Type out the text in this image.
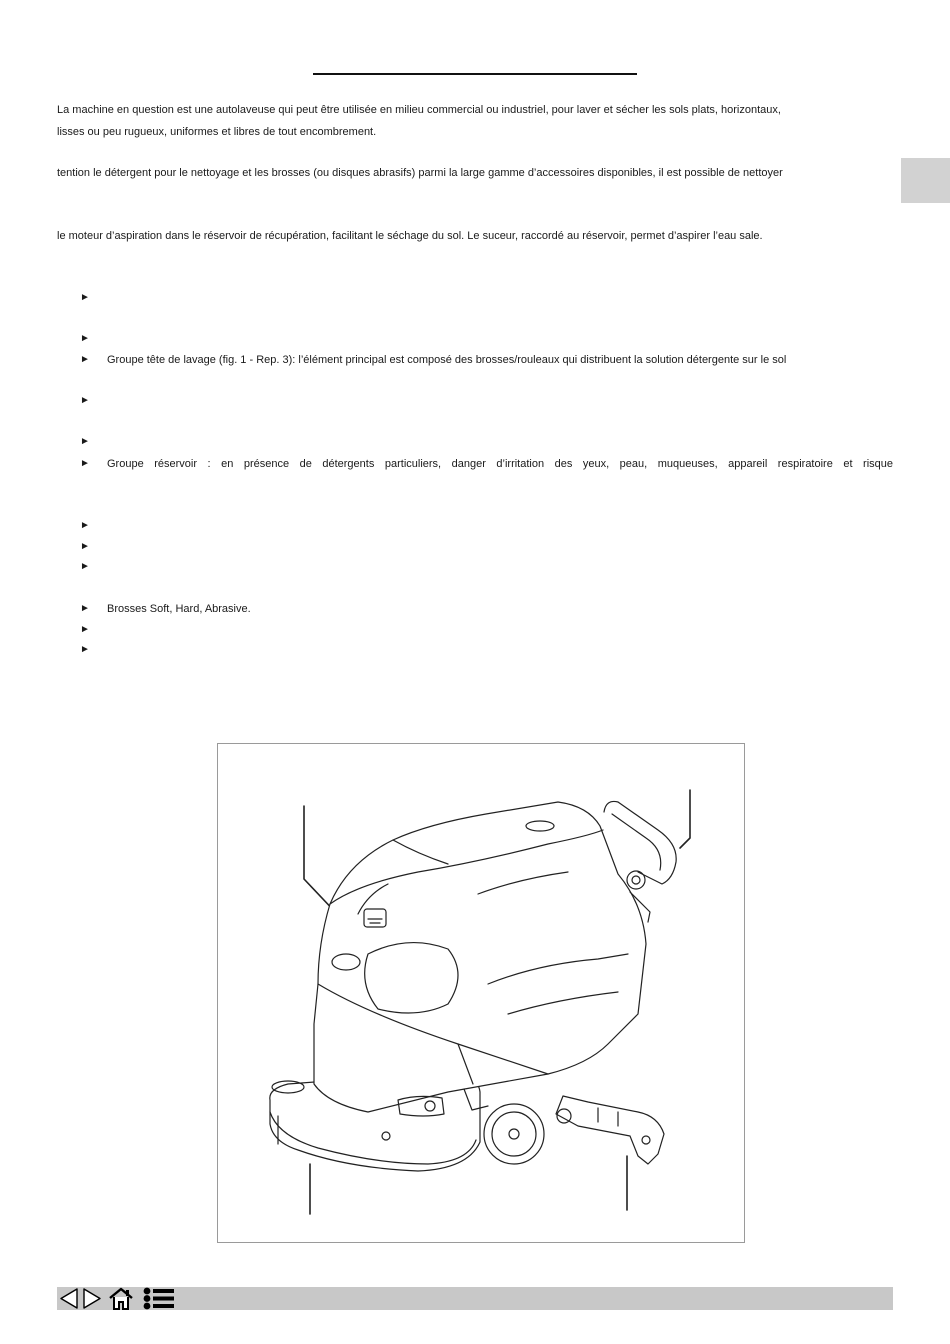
La machine en question est une autolaveuse qui peut être utilisée en milieu commercial ou industriel, pour laver et sécher les sols plats, horizontaux,
lisses ou peu rugueux, uniformes et libres de tout encombrement.
tention le détergent pour le nettoyage et les brosses (ou disques abrasifs) parmi la large gamme d’accessoires disponibles, il est possible de nettoyer
le moteur d’aspiration dans le réservoir de récupération, facilitant le séchage du sol. Le suceur, raccordé au réservoir, permet d’aspirer l’eau sale.
►
►
► Groupe tête de lavage (fig. 1 - Rep. 3): l’élément principal est composé des brosses/rouleaux qui distribuent la solution détergente sur le sol
►
►
► Groupe réservoir : en présence de détergents particuliers, danger d’irritation des yeux, peau, muqueuses, appareil respiratoire et risque
►
►
►
► Brosses Soft, Hard, Abrasive.
►
►
